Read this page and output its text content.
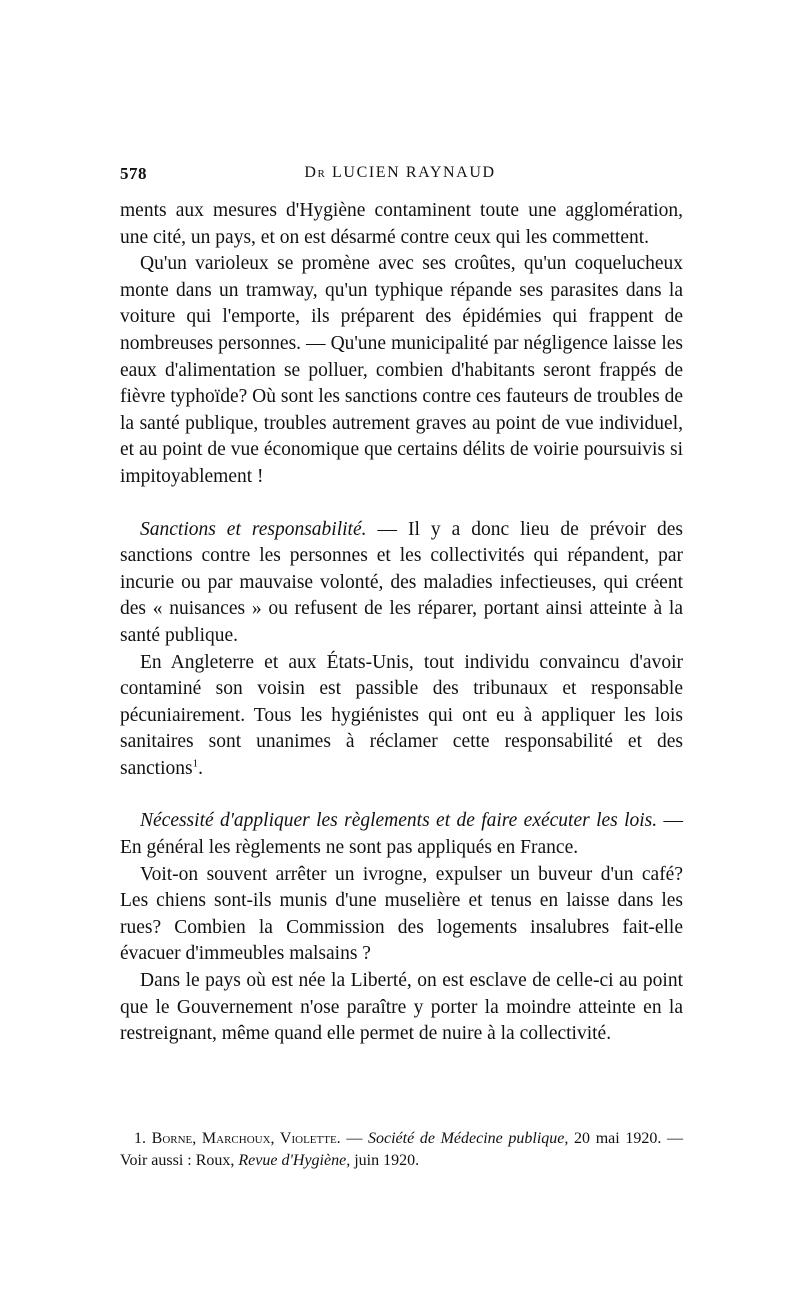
578	Dr LUCIEN RAYNAUD

ments aux mesures d'Hygiène contaminent toute une agglomération, une cité, un pays, et on est désarmé contre ceux qui les commettent.

Qu'un varioleux se promène avec ses croûtes, qu'un coquelucheux monte dans un tramway, qu'un typhique répande ses parasites dans la voiture qui l'emporte, ils préparent des épidémies qui frappent de nombreuses personnes. — Qu'une municipalité par négligence laisse les eaux d'alimentation se polluer, combien d'habitants seront frappés de fièvre typhoïde? Où sont les sanctions contre ces fauteurs de troubles de la santé publique, troubles autrement graves au point de vue individuel, et au point de vue économique que certains délits de voirie poursuivis si impitoyablement !

Sanctions et responsabilité. — Il y a donc lieu de prévoir des sanctions contre les personnes et les collectivités qui répandent, par incurie ou par mauvaise volonté, des maladies infectieuses, qui créent des « nuisances » ou refusent de les réparer, portant ainsi atteinte à la santé publique.

En Angleterre et aux États-Unis, tout individu convaincu d'avoir contaminé son voisin est passible des tribunaux et responsable pécuniairement. Tous les hygiénistes qui ont eu à appliquer les lois sanitaires sont unanimes à réclamer cette responsabilité et des sanctions$^1$.

Nécessité d'appliquer les règlements et de faire exécuter les lois. — En général les règlements ne sont pas appliqués en France.

Voit-on souvent arrêter un ivrogne, expulser un buveur d'un café? Les chiens sont-ils munis d'une muselière et tenus en laisse dans les rues? Combien la Commission des logements insalubres fait-elle évacuer d'immeubles malsains ?

Dans le pays où est née la Liberté, on est esclave de celle-ci au point que le Gouvernement n'ose paraître y porter la moindre atteinte en la restreignant, même quand elle permet de nuire à la collectivité.

1. Borne, Marchoux, Violette. — Société de Médecine publique, 20 mai 1920. — Voir aussi : Roux, Revue d'Hygiène, juin 1920.
